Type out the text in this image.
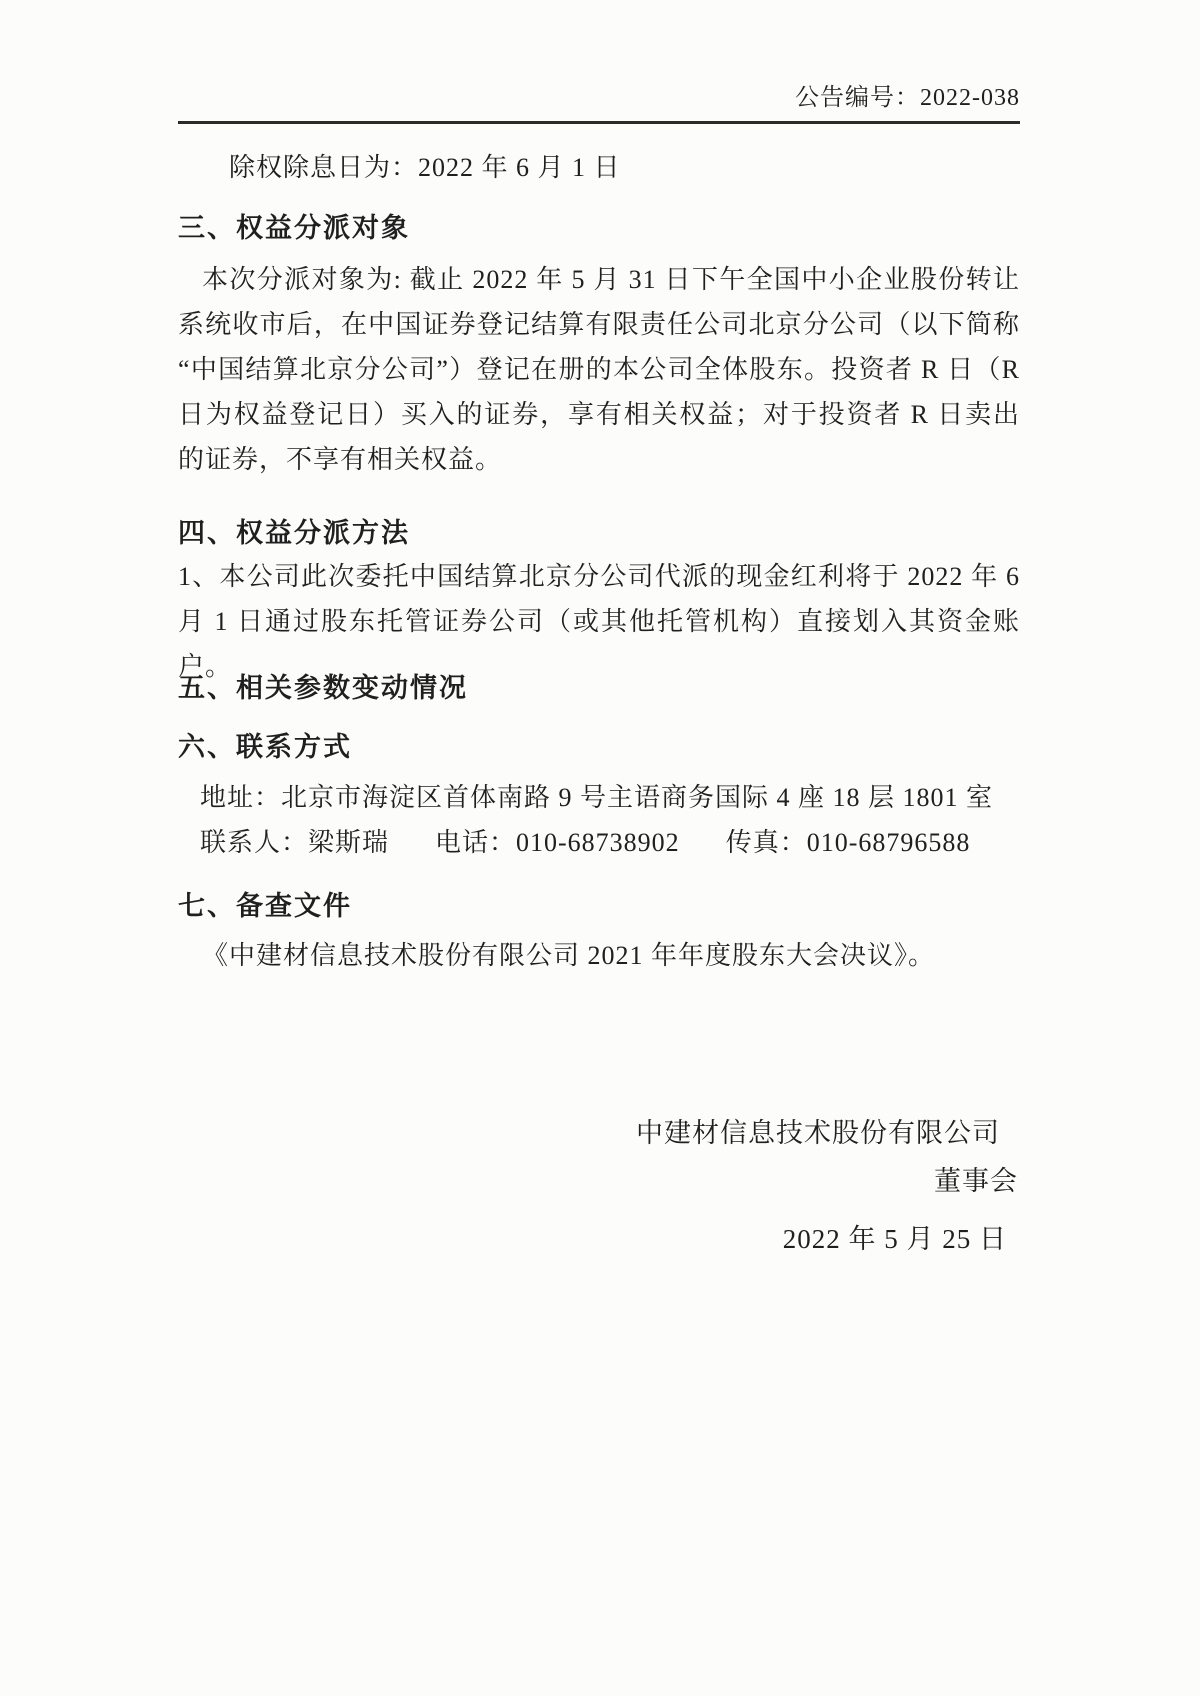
公告编号：2022-038
除权除息日为：2022 年 6 月 1 日
三、权益分派对象
本次分派对象为: 截止 2022 年 5 月 31 日下午全国中小企业股份转让系统收市后，在中国证券登记结算有限责任公司北京分公司（以下简称“中国结算北京分公司”）登记在册的本公司全体股东。投资者 R 日（R 日为权益登记日）买入的证券，享有相关权益；对于投资者 R 日卖出的证券，不享有相关权益。
四、权益分派方法
1、本公司此次委托中国结算北京分公司代派的现金红利将于 2022 年 6 月 1 日通过股东托管证券公司（或其他托管机构）直接划入其资金账户。
五、相关参数变动情况
六、联系方式
地址：北京市海淀区首体南路 9 号主语商务国际 4 座 18 层 1801 室
联系人：梁斯瑞 电话：010-68738902 传真：010-68796588
七、备查文件
《中建材信息技术股份有限公司 2021 年年度股东大会决议》。
中建材信息技术股份有限公司
董事会
2022 年 5 月 25 日
